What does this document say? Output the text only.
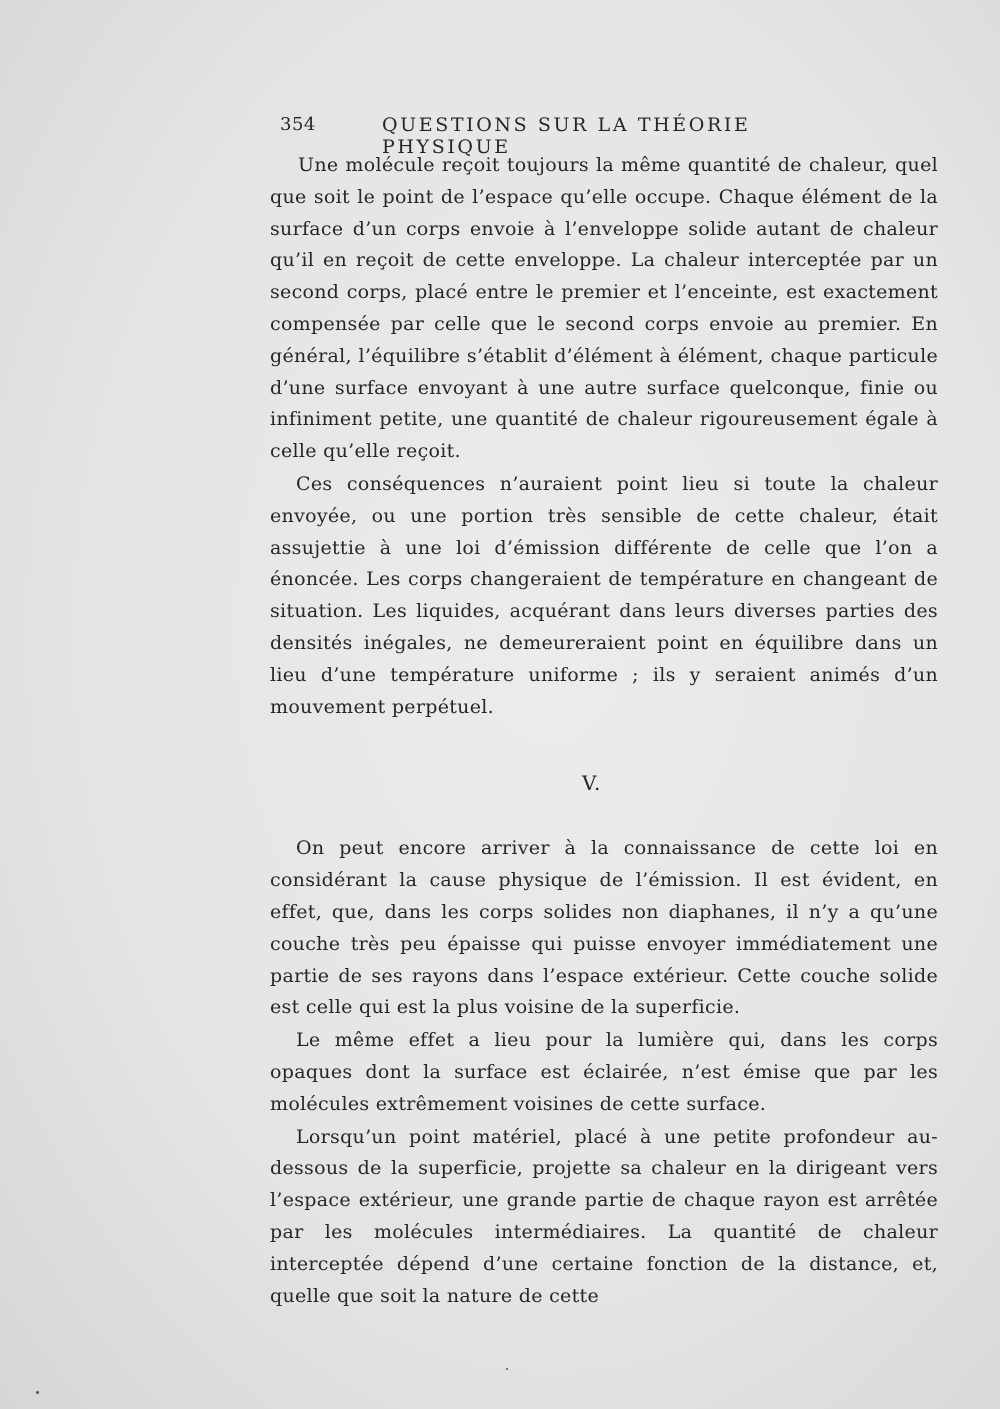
354	QUESTIONS SUR LA THÉORIE PHYSIQUE

Une molécule reçoit toujours la même quantité de chaleur, quel que soit le point de l’espace qu’elle occupe. Chaque élément de la surface d’un corps envoie à l’enveloppe solide autant de chaleur qu’il en reçoit de cette enveloppe. La chaleur interceptée par un second corps, placé entre le premier et l’enceinte, est exactement compensée par celle que le second corps envoie au premier. En général, l’équilibre s’établit d’élément à élément, chaque particule d’une surface envoyant à une autre surface quelconque, finie ou infiniment petite, une quantité de chaleur rigoureusement égale à celle qu’elle reçoit.

Ces conséquences n’auraient point lieu si toute la chaleur envoyée, ou une portion très sensible de cette chaleur, était assujettie à une loi d’émission différente de celle que l’on a énoncée. Les corps changeraient de température en changeant de situation. Les liquides, acquérant dans leurs diverses parties des densités inégales, ne demeureraient point en équilibre dans un lieu d’une température uniforme ; ils y seraient animés d’un mouvement perpétuel.

V.

On peut encore arriver à la connaissance de cette loi en considérant la cause physique de l’émission. Il est évident, en effet, que, dans les corps solides non diaphanes, il n’y a qu’une couche très peu épaisse qui puisse envoyer immédiatement une partie de ses rayons dans l’espace extérieur. Cette couche solide est celle qui est la plus voisine de la superficie.

Le même effet a lieu pour la lumière qui, dans les corps opaques dont la surface est éclairée, n’est émise que par les molécules extrêmement voisines de cette surface.

Lorsqu’un point matériel, placé à une petite profondeur au-dessous de la superficie, projette sa chaleur en la dirigeant vers l’espace extérieur, une grande partie de chaque rayon est arrêtée par les molécules intermédiaires. La quantité de chaleur interceptée dépend d’une certaine fonction de la distance, et, quelle que soit la nature de cette
